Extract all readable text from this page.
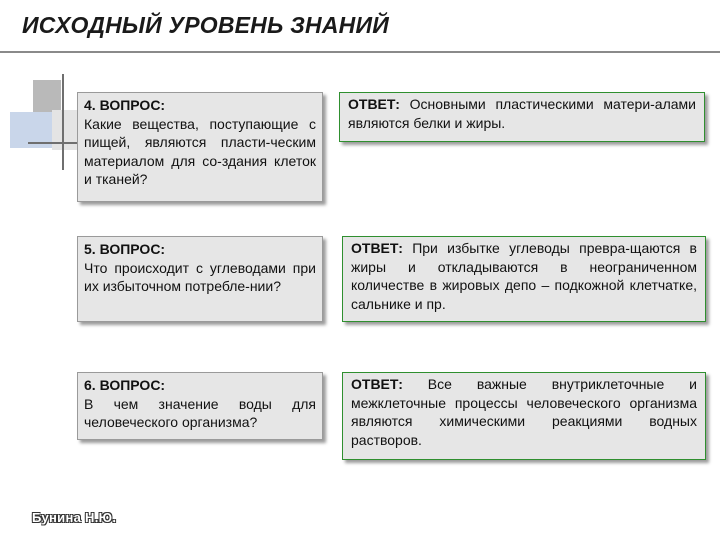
ИСХОДНЫЙ УРОВЕНЬ ЗНАНИЙ
4. ВОПРОС:
Какие вещества, поступающие с пищей, являются пласти-ческим материалом для со-здания клеток и тканей?
ОТВЕТ: Основными пластическими матери-алами являются белки и жиры.
5. ВОПРОС:
Что происходит с углеводами при их избыточном потребле-нии?
ОТВЕТ: При избытке углеводы превра-щаются в жиры и откладываются в неограниченном количестве в жировых депо – подкожной клетчатке, сальнике и пр.
6. ВОПРОС:
В чем значение воды для человеческого организма?
ОТВЕТ: Все важные внутриклеточные и межклеточные процессы человеческого организма являются химическими реакциями водных растворов.
Бунина Н.Ю.
